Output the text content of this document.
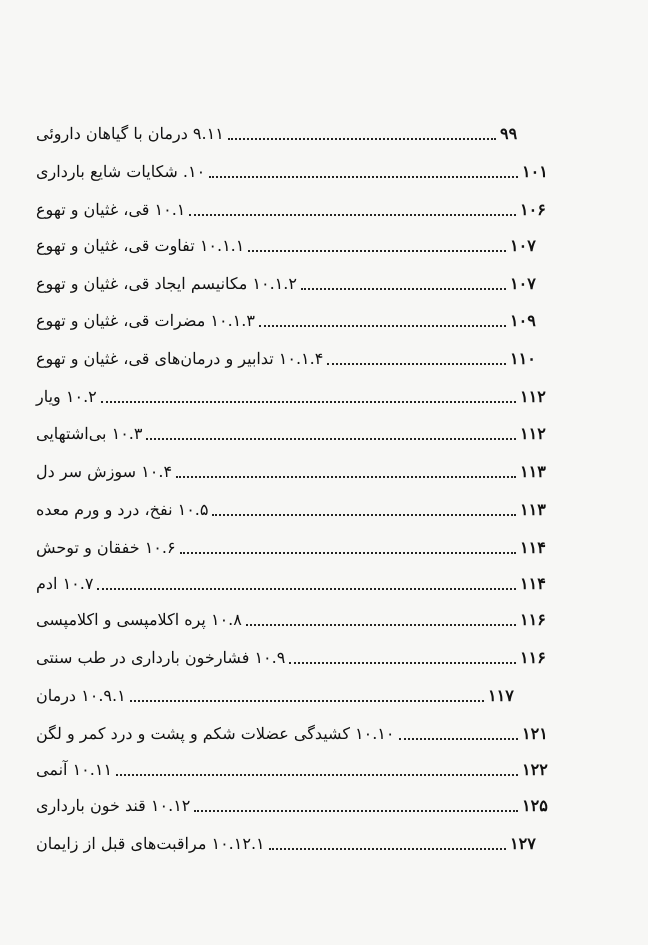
۹.۱۱ درمان با گیاهان داروئی	۹۹
۱۰. شکایات شایع بارداری	۱۰۱
۱۰.۱ قی، غثیان و تهوع	۱۰۶
۱۰.۱.۱ تفاوت قی، غثیان و تهوع	۱۰۷
۱۰.۱.۲ مکانیسم ایجاد قی، غثیان و تهوع	۱۰۷
۱۰.۱.۳ مضرات قی، غثیان و تهوع	۱۰۹
۱۰.۱.۴ تدابیر و درمان‌های قی، غثیان و تهوع	۱۱۰
۱۰.۲ ویار	۱۱۲
۱۰.۳ بی‌اشتهایی	۱۱۲
۱۰.۴ سوزش سر دل	۱۱۳
۱۰.۵ نفخ، درد و ورم معده	۱۱۳
۱۰.۶ خفقان و توحش	۱۱۴
۱۰.۷ ادم	۱۱۴
۱۰.۸ پره اکلامپسی و اکلامپسی	۱۱۶
۱۰.۹ فشارخون بارداری در طب سنتی	۱۱۶
۱۰.۹.۱ درمان	۱۱۷
۱۰.۱۰ کشیدگی عضلات شکم و پشت و درد کمر و لگن	۱۲۱
۱۰.۱۱ آنمی	۱۲۲
۱۰.۱۲ قند خون بارداری	۱۲۵
۱۰.۱۲.۱ مراقبت‌های قبل از زایمان	۱۲۷
